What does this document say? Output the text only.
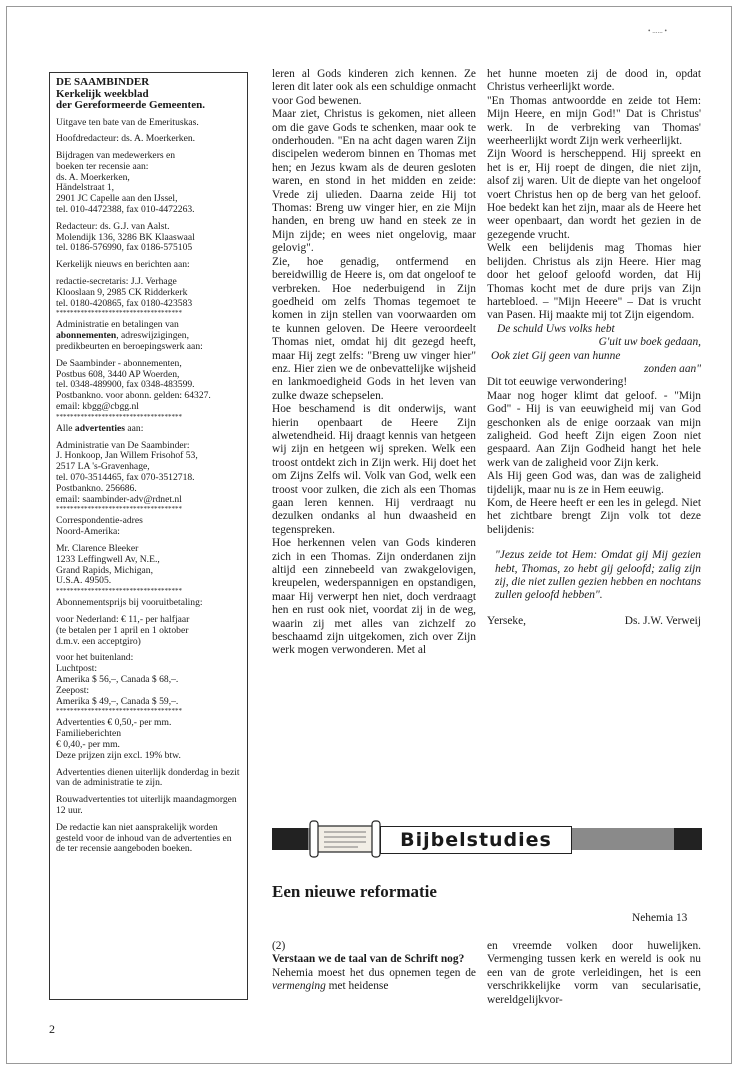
• ...... •

DE SAAMBINDER
Kerkelijk weekblad
der Gereformeerde Gemeenten.

Uitgave ten bate van de Emerituskas.

Hoofdredacteur: ds. A. Moerkerken.

Bijdragen van medewerkers en
boeken ter recensie aan:
ds. A. Moerkerken,
Händelstraat 1,
2901 JC Capelle aan den IJssel,
tel. 010-4472388, fax 010-4472263.

Redacteur: ds. G.J. van Aalst.
Molendijk 136, 3286 BK Klaaswaal
tel. 0186-576990, fax 0186-575105

Kerkelijk nieuws en berichten aan:

redactie-secretaris: J.J. Verhage
Klooslaan 9, 2985 CK Ridderkerk
tel. 0180-420865, fax 0180-423583

************************************

Administratie en betalingen van abonnementen, adreswijzigingen, predikbeurten en beroepingswerk aan:

De Saambinder - abonnementen,
Postbus 608, 3440 AP Woerden,
tel. 0348-489900, fax 0348-483599.
Postbankno. voor abonn. gelden: 64327.
email: kbgg@cbgg.nl

************************************

Alle advertenties aan:

Administratie van De Saambinder:
J. Honkoop, Jan Willem Frisohof 53,
2517 LA 's-Gravenhage,
tel. 070-3514465, fax 070-3512718.
Postbankno. 256686.
email: saambinder-adv@rdnet.nl

************************************

Correspondentie-adres
Noord-Amerika:

Mr. Clarence Bleeker
1233 Leffingwell Av, N.E.,
Grand Rapids, Michigan,
U.S.A. 49505.

************************************

Abonnementsprijs bij vooruitbetaling:

voor Nederland: € 11,- per halfjaar
(te betalen per 1 april en 1 oktober
d.m.v. een acceptgiro)

voor het buitenland:
Luchtpost:
Amerika $ 56,–, Canada $ 68,–.
Zeepost:
Amerika $ 49,–, Canada $ 59,–.

************************************

Advertenties € 0,50,- per mm.
Familieberichten
€ 0,40,- per mm.
Deze prijzen zijn excl. 19% btw.

Advertenties dienen uiterlijk donderdag in bezit van de administratie te zijn.

Rouwadvertenties tot uiterlijk maandagmorgen 12 uur.

De redactie kan niet aansprakelijk worden gesteld voor de inhoud van de advertenties en de ter recensie aangeboden boeken.

leren al Gods kinderen zich kennen. Ze leren dit later ook als een schuldige onmacht voor God bewenen.

Maar ziet, Christus is gekomen, niet alleen om die gave Gods te schenken, maar ook te onderhouden. "En na acht dagen waren Zijn discipelen wederom binnen en Thomas met hen; en Jezus kwam als de deuren gesloten waren, en stond in het midden en zeide: Vrede zij ulieden. Daarna zeide Hij tot Thomas: Breng uw vinger hier, en zie Mijn handen, en breng uw hand en steek ze in Mijn zijde; en wees niet ongelovig, maar gelovig".

Zie, hoe genadig, ontfermend en bereidwillig de Heere is, om dat ongeloof te verbreken. Hoe nederbuigend in Zijn goedheid om zelfs Thomas tegemoet te komen in zijn stellen van voorwaarden om te kunnen geloven. De Heere veroordeelt Thomas niet, omdat hij dit gezegd heeft, maar Hij zegt zelfs: "Breng uw vinger hier" enz. Hier zien we de onbevattelijke wijsheid en lankmoedigheid Gods in het leven van zulke dwaze schepselen.

Hoe beschamend is dit onderwijs, want hierin openbaart de Heere Zijn alwetendheid. Hij draagt kennis van hetgeen wij zijn en hetgeen wij spreken. Welk een troost ontdekt zich in Zijn werk. Hij doet het om Zijns Zelfs wil. Volk van God, welk een troost voor zulken, die zich als een Thomas gaan leren kennen. Hij verdraagt nu dezulken ondanks al hun dwaasheid en tegenspreken.

Hoe herkennen velen van Gods kinderen zich in een Thomas. Zijn onderdanen zijn altijd een zinnebeeld van zwakgelovigen, kreupelen, wederspannigen en opstandigen, maar Hij verwerpt hen niet, doch verdraagt hen en rust ook niet, voordat zij in de weg, waarin zij met alles van zichzelf zo beschaamd zijn uitgekomen, zich over Zijn werk mogen verwonderen. Met al

het hunne moeten zij de dood in, opdat Christus verheerlijkt worde.

"En Thomas antwoordde en zeide tot Hem: Mijn Heere, en mijn God!" Dat is Christus' werk. In de verbreking van Thomas' weerheerlijkt wordt Zijn werk verheerlijkt.

Zijn Woord is herscheppend. Hij spreekt en het is er, Hij roept de dingen, die niet zijn, alsof zij waren. Uit de diepte van het ongeloof voert Christus hen op de berg van het geloof. Hoe bedekt kan het zijn, maar als de Heere het weer openbaart, dan wordt het gezien in de gezegende vrucht.

Welk een belijdenis mag Thomas hier belijden. Christus als zijn Heere. Hier mag door het geloof geloofd worden, dat Hij Thomas kocht met de dure prijs van Zijn hartebloed. – "Mijn Heeere" – Dat is vrucht van Pasen. Hij maakte mij tot Zijn eigendom.

De schuld Uws volks hebt
G'uit uw boek gedaan,
Ook ziet Gij geen van hunne
zonden aan"

Dit tot eeuwige verwondering!

Maar nog hoger klimt dat geloof. - "Mijn God" - Hij is van eeuwigheid mij van God geschonken als de enige oorzaak van mijn zaligheid. God heeft Zijn eigen Zoon niet gespaard. Aan Zijn Godheid hangt het hele werk van de zaligheid voor Zijn kerk.

Als Hij geen God was, dan was de zaligheid tijdelijk, maar nu is ze in Hem eeuwig.

Kom, de Heere heeft er een les in gelegd. Niet het zichtbare brengt Zijn volk tot deze belijdenis:

"Jezus zeide tot Hem: Omdat gij Mij gezien hebt, Thomas, zo hebt gij geloofd; zalig zijn zij, die niet zullen gezien hebben en nochtans zullen geloofd hebben".

Yerseke,	Ds. J.W. Verweij
Bijbelstudies
Een nieuwe reformatie
Nehemia 13

(2)

Verstaan we de taal van de Schrift nog?

Nehemia moest het dus opnemen tegen de vermenging met heidense

en vreemde volken door huwelijken. Vermenging tussen kerk en wereld is ook nu een van de grote verleidingen, het is een verschrikkelijke vorm van secularisatie, wereldgelijkvor-

2
